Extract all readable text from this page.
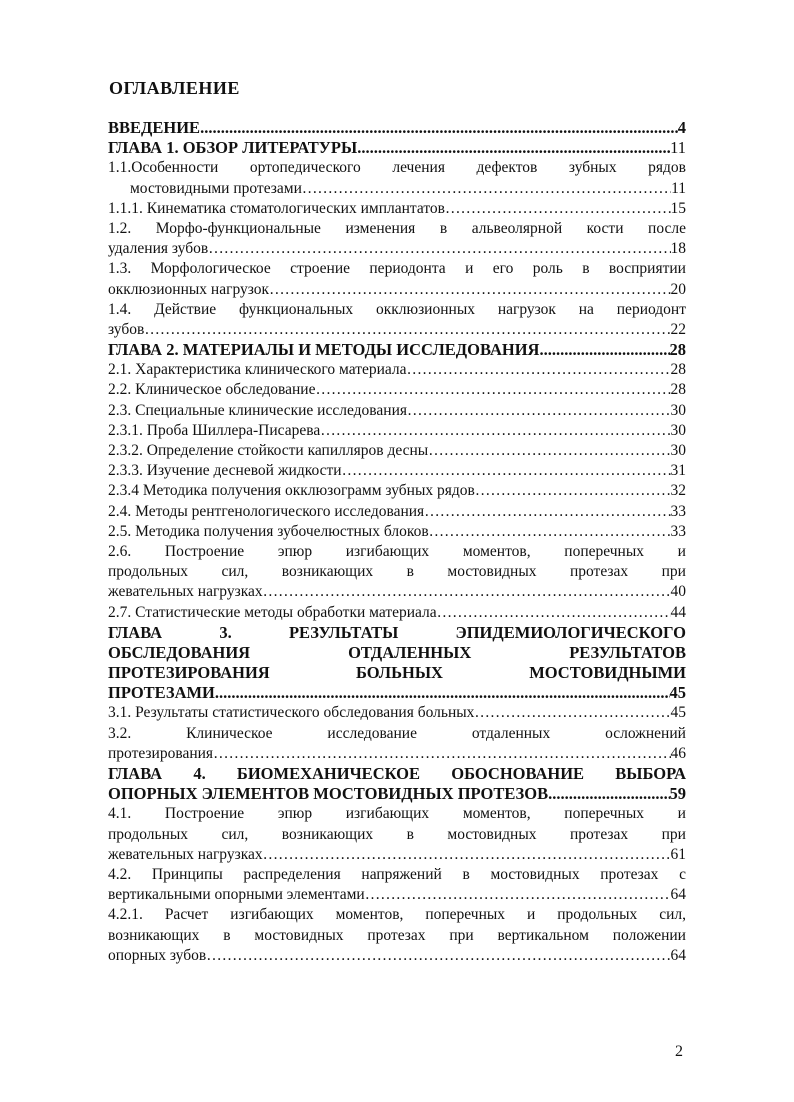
ОГЛАВЛЕНИЕ
ВВЕДЕНИЕ .....	4
ГЛАВА 1. ОБЗОР ЛИТЕРАТУРЫ .....	11
1.1.Особенности ортопедического лечения дефектов зубных рядов
мостовидными протезами ……………………………………………………………………………………………………………………………………………………………………………………	11
1.1.1. Кинематика стоматологических имплантатов ……………………………………………………………………………………………………………………………………………………………………………………	15
1.2. Морфо-функциональные изменения в альвеолярной кости после
удаления зубов ……………………………………………………………………………………………………………………………………………………………………………………	18
1.3. Морфологическое строение периодонта и его роль в восприятии
окклюзионных нагрузок ……………………………………………………………………………………………………………………………………………………………………………………	20
1.4. Действие функциональных окклюзионных нагрузок на периодонт
зубов ……………………………………………………………………………………………………………………………………………………………………………………	22
ГЛАВА 2. МАТЕРИАЛЫ И МЕТОДЫ ИССЛЕДОВАНИЯ .....	28
2.1. Характеристика клинического материала ……………………………………………………………………………………………………………………………………………………………………………………	28
2.2. Клиническое обследование ……………………………………………………………………………………………………………………………………………………………………………………	28
2.3. Специальные клинические исследования ……………………………………………………………………………………………………………………………………………………………………………………	30
2.3.1. Проба Шиллера-Писарева ……………………………………………………………………………………………………………………………………………………………………………………	30
2.3.2. Определение стойкости капилляров десны ……………………………………………………………………………………………………………………………………………………………………………………	30
2.3.3. Изучение десневой жидкости ……………………………………………………………………………………………………………………………………………………………………………………	31
2.3.4 Методика получения окклюзограмм зубных рядов ……………………………………………………………………………………………………………………………………………………………………………………	32
2.4. Методы рентгенологического исследования ……………………………………………………………………………………………………………………………………………………………………………………	33
2.5. Методика получения зубочелюстных блоков ……………………………………………………………………………………………………………………………………………………………………………………	33
2.6. Построение эпюр изгибающих моментов, поперечных и
продольных сил, возникающих в мостовидных протезах при
жевательных нагрузках ……………………………………………………………………………………………………………………………………………………………………………………	40
2.7. Статистические методы обработки материала ……………………………………………………………………………………………………………………………………………………………………………………	44
ГЛАВА	3.	РЕЗУЛЬТАТЫ	ЭПИДЕМИОЛОГИЧЕСКОГО
ОБСЛЕДОВАНИЯ	ОТДАЛЕННЫХ	РЕЗУЛЬТАТОВ
ПРОТЕЗИРОВАНИЯ	БОЛЬНЫХ	МОСТОВИДНЫМИ
ПРОТЕЗАМИ .....	45
3.1. Результаты статистического обследования больных ……………………………………………………………………………………………………………………………………………………………………………………	45
3.2.	Клиническое	исследование	отдаленных	осложнений
протезирования ……………………………………………………………………………………………………………………………………………………………………………………	46
ГЛАВА 4. БИОМЕХАНИЧЕСКОЕ ОБОСНОВАНИЕ ВЫБОРА
ОПОРНЫХ ЭЛЕМЕНТОВ МОСТОВИДНЫХ ПРОТЕЗОВ .....	59
4.1. Построение эпюр изгибающих моментов, поперечных и
продольных сил, возникающих в мостовидных протезах при
жевательных нагрузках ……………………………………………………………………………………………………………………………………………………………………………………	61
4.2. Принципы распределения напряжений в мостовидных протезах с
вертикальными опорными элементами ……………………………………………………………………………………………………………………………………………………………………………………	64
4.2.1. Расчет изгибающих моментов, поперечных и продольных сил,
возникающих в мостовидных протезах при вертикальном положении
опорных зубов ……………………………………………………………………………………………………………………………………………………………………………………	64
2
